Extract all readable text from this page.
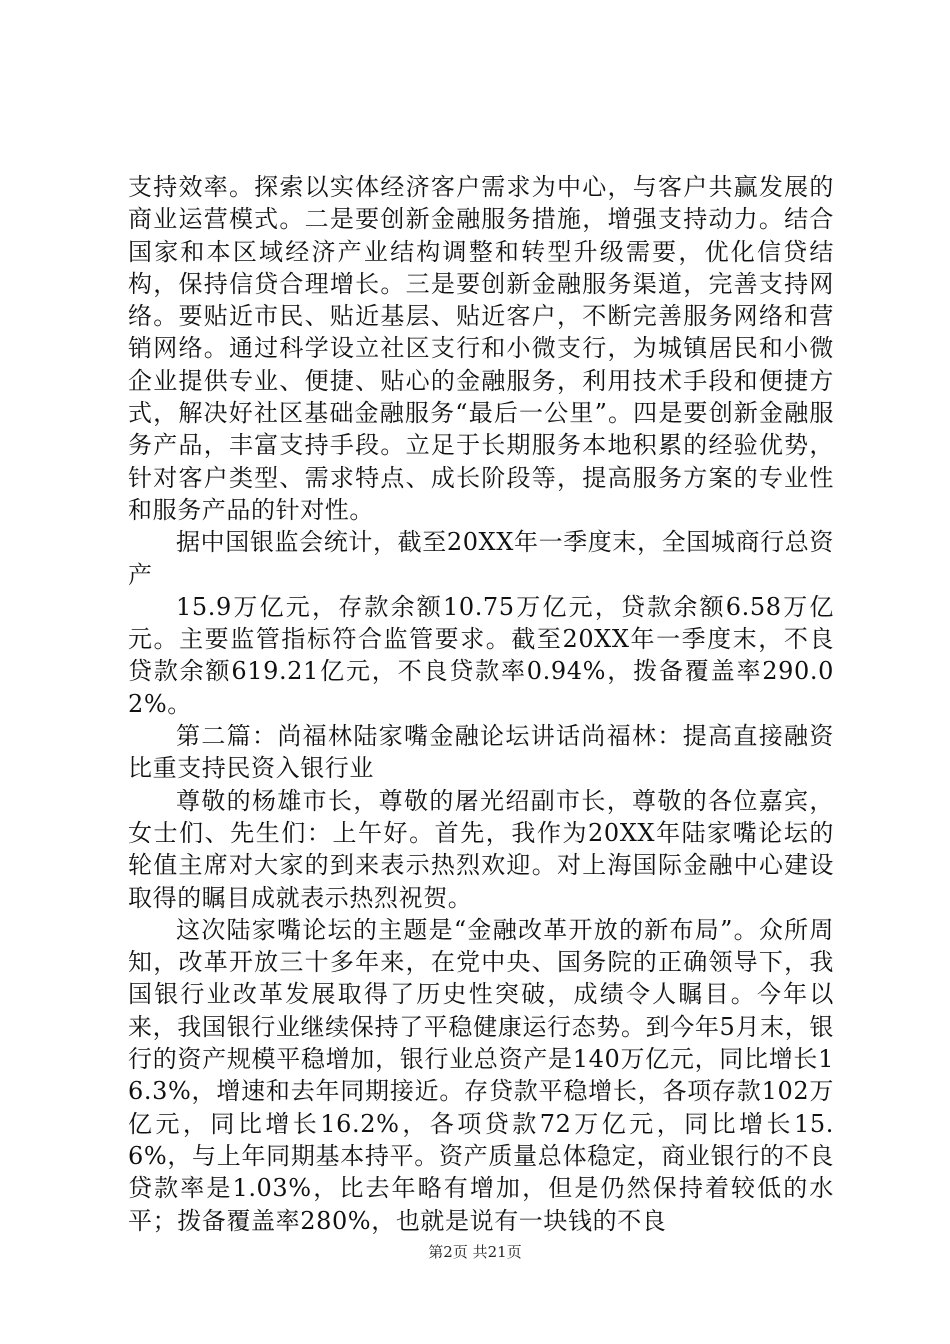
支持效率。探索以实体经济客户需求为中心，与客户共赢发展的商业运营模式。二是要创新金融服务措施，增强支持动力。结合国家和本区域经济产业结构调整和转型升级需要，优化信贷结构，保持信贷合理增长。三是要创新金融服务渠道，完善支持网络。要贴近市民、贴近基层、贴近客户，不断完善服务网络和营销网络。通过科学设立社区支行和小微支行，为城镇居民和小微企业提供专业、便捷、贴心的金融服务，利用技术手段和便捷方式，解决好社区基础金融服务“最后一公里”。四是要创新金融服务产品，丰富支持手段。立足于长期服务本地积累的经验优势，针对客户类型、需求特点、成长阶段等，提高服务方案的专业性和服务产品的针对性。

据中国银监会统计，截至20XX年一季度末，全国城商行总资产

15.9万亿元，存款余额10.75万亿元，贷款余额6.58万亿元。主要监管指标符合监管要求。截至20XX年一季度末，不良贷款余额619.21亿元，不良贷款率0.94%，拨备覆盖率290.02%。

第二篇：尚福林陆家嘴金融论坛讲话尚福林：提高直接融资比重支持民资入银行业

尊敬的杨雄市长，尊敬的屠光绍副市长，尊敬的各位嘉宾，女士们、先生们：上午好。首先，我作为20XX年陆家嘴论坛的轮值主席对大家的到来表示热烈欢迎。对上海国际金融中心建设取得的瞩目成就表示热烈祝贺。

这次陆家嘴论坛的主题是“金融改革开放的新布局”。众所周知，改革开放三十多年来，在党中央、国务院的正确领导下，我国银行业改革发展取得了历史性突破，成绩令人瞩目。今年以来，我国银行业继续保持了平稳健康运行态势。到今年5月末，银行的资产规模平稳增加，银行业总资产是140万亿元，同比增长16.3%，增速和去年同期接近。存贷款平稳增长，各项存款102万亿元，同比增长16.2%，各项贷款72万亿元，同比增长15.6%，与上年同期基本持平。资产质量总体稳定，商业银行的不良贷款率是1.03%，比去年略有增加，但是仍然保持着较低的水平；拨备覆盖率280%，也就是说有一块钱的不良

第2页 共21页
